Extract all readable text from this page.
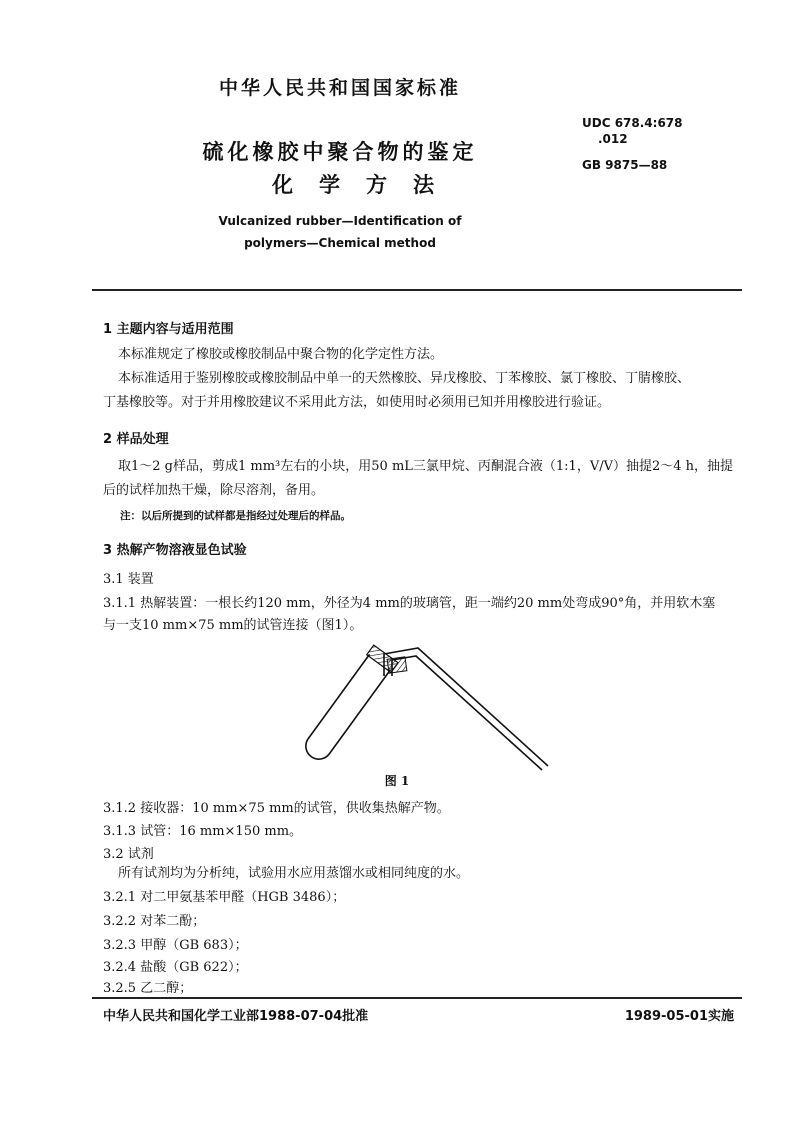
中华人民共和国国家标准
UDC 678.4:678
.012
GB 9875—88
硫化橡胶中聚合物的鉴定
化学方法
Vulcanized rubber—Identification of
polymers—Chemical method
1 主题内容与适用范围
本标准规定了橡胶或橡胶制品中聚合物的化学定性方法。
本标准适用于鉴别橡胶或橡胶制品中单一的天然橡胶、异戊橡胶、丁苯橡胶、氯丁橡胶、丁腈橡胶、
丁基橡胶等。对于并用橡胶建议不采用此方法，如使用时必须用已知并用橡胶进行验证。
2 样品处理
取1～2 g样品，剪成1 mm³左右的小块，用50 mL三氯甲烷、丙酮混合液（1:1，V/V）抽提2～4 h，抽提
后的试样加热干燥，除尽溶剂，备用。
注：以后所提到的试样都是指经过处理后的样品。
3 热解产物溶液显色试验
3.1 装置
3.1.1 热解装置：一根长约120 mm，外径为4 mm的玻璃管，距一端约20 mm处弯成90°角，并用软木塞
与一支10 mm×75 mm的试管连接（图1）。
图 1
3.1.2 接收器：10 mm×75 mm的试管，供收集热解产物。
3.1.3 试管：16 mm×150 mm。
3.2 试剂
所有试剂均为分析纯，试验用水应用蒸馏水或相同纯度的水。
3.2.1 对二甲氨基苯甲醛（HGB 3486）；
3.2.2 对苯二酚；
3.2.3 甲醇（GB 683）；
3.2.4 盐酸（GB 622）；
3.2.5 乙二醇；
中华人民共和国化学工业部1988-07-04批准	1989-05-01实施
